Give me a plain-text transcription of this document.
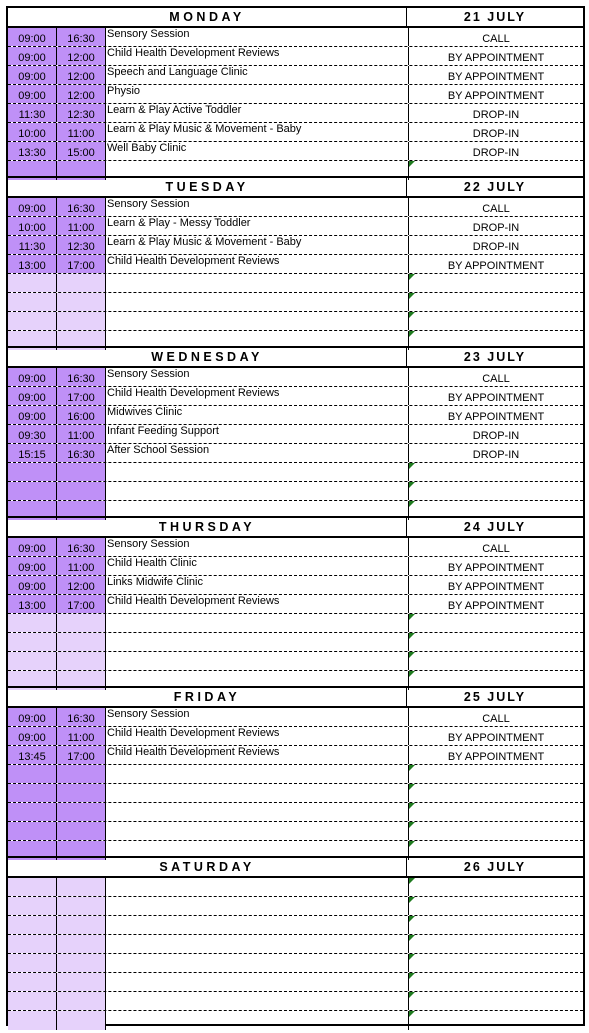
MONDAY	21 JULY
09:00	16:30	Sensory Session	CALL
09:00	12:00	Child Health Development Reviews	BY APPOINTMENT
09:00	12:00	Speech and Language Clinic	BY APPOINTMENT
09:00	12:00	Physio	BY APPOINTMENT
11:30	12:30	Learn & Play Active Toddler	DROP-IN
10:00	11:00	Learn & Play Music & Movement - Baby	DROP-IN
13:30	15:00	Well Baby Clinic	DROP-IN
TUESDAY	22 JULY
09:00	16:30	Sensory Session	CALL
10:00	11:00	Learn & Play - Messy Toddler	DROP-IN
11:30	12:30	Learn & Play Music & Movement - Baby	DROP-IN
13:00	17:00	Child Health Development Reviews	BY APPOINTMENT
WEDNESDAY	23 JULY
09:00	16:30	Sensory Session	CALL
09:00	17:00	Child Health Development Reviews	BY APPOINTMENT
09:00	16:00	Midwives Clinic	BY APPOINTMENT
09:30	11:00	Infant Feeding Support	DROP-IN
15:15	16:30	After School Session	DROP-IN
THURSDAY	24 JULY
09:00	16:30	Sensory Session	CALL
09:00	11:00	Child Health Clinic	BY APPOINTMENT
09:00	12:00	Links Midwife Clinic	BY APPOINTMENT
13:00	17:00	Child Health Development Reviews	BY APPOINTMENT
FRIDAY	25 JULY
09:00	16:30	Sensory Session	CALL
09:00	11:00	Child Health Development Reviews	BY APPOINTMENT
13:45	17:00	Child Health Development Reviews	BY APPOINTMENT
SATURDAY	26 JULY
